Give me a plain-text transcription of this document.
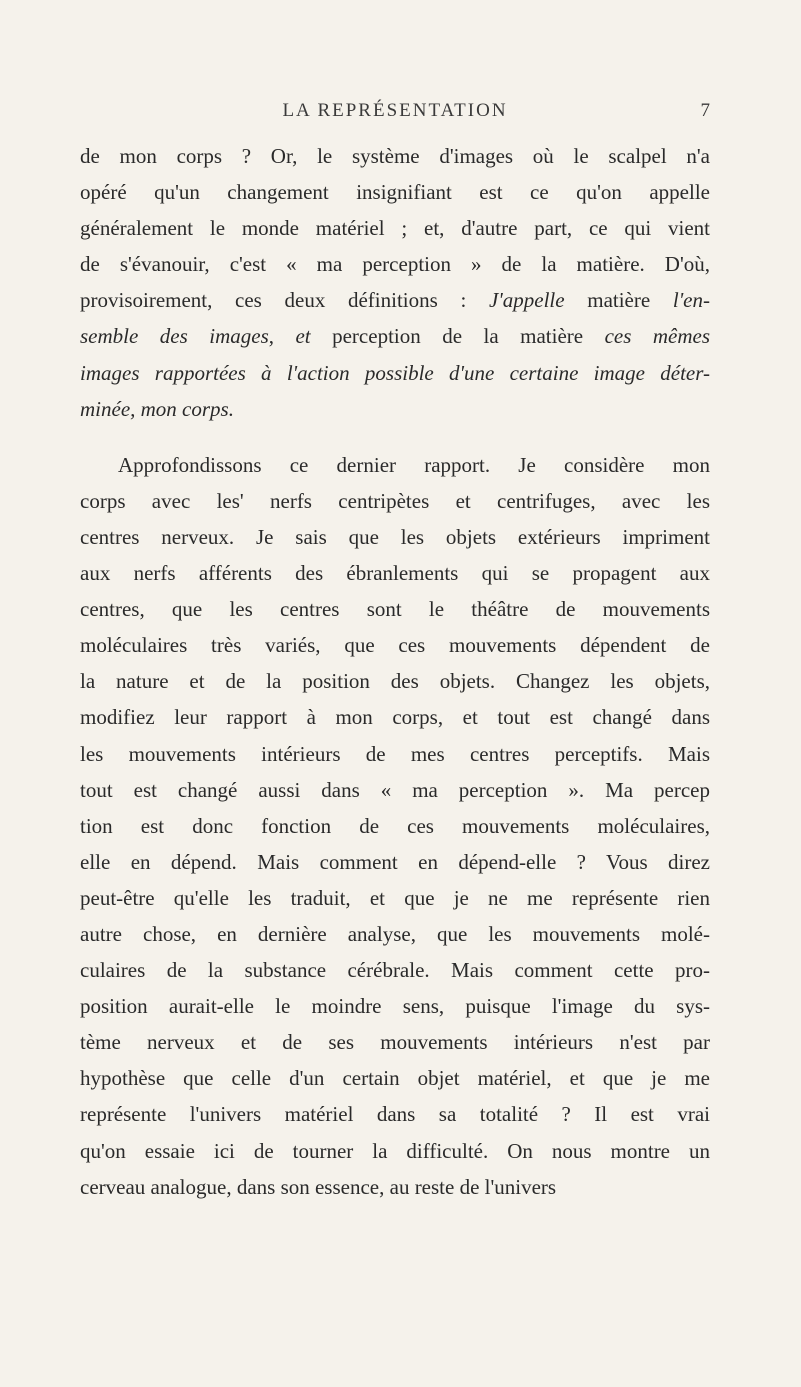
LA REPRÉSENTATION	7
de mon corps ? Or, le système d'images où le scalpel n'a
opéré qu'un changement insignifiant est ce qu'on appelle
généralement le monde matériel ; et, d'autre part, ce qui vient
de s'évanouir, c'est « ma perception » de la matière. D'où,
provisoirement, ces deux définitions : J'appelle matière l'en-
semble des images, et perception de la matière ces mêmes
images rapportées à l'action possible d'une certaine image déter-
minée, mon corps.
Approfondissons ce dernier rapport. Je considère mon
corps avec les' nerfs centripètes et centrifuges, avec les
centres nerveux. Je sais que les objets extérieurs impriment
aux nerfs afférents des ébranlements qui se propagent aux
centres, que les centres sont le théâtre de mouvements
moléculaires très variés, que ces mouvements dépendent de
la nature et de la position des objets. Changez les objets,
modifiez leur rapport à mon corps, et tout est changé dans
les mouvements intérieurs de mes centres perceptifs. Mais
tout est changé aussi dans « ma perception ». Ma percep
tion est donc fonction de ces mouvements moléculaires,
elle en dépend. Mais comment en dépend-elle ? Vous direz
peut-être qu'elle les traduit, et que je ne me représente rien
autre chose, en dernière analyse, que les mouvements molé-
culaires de la substance cérébrale. Mais comment cette pro-
position aurait-elle le moindre sens, puisque l'image du sys-
tème nerveux et de ses mouvements intérieurs n'est par
hypothèse que celle d'un certain objet matériel, et que je me
représente l'univers matériel dans sa totalité ? Il est vrai
qu'on essaie ici de tourner la difficulté. On nous montre un
cerveau analogue, dans son essence, au reste de l'univers
